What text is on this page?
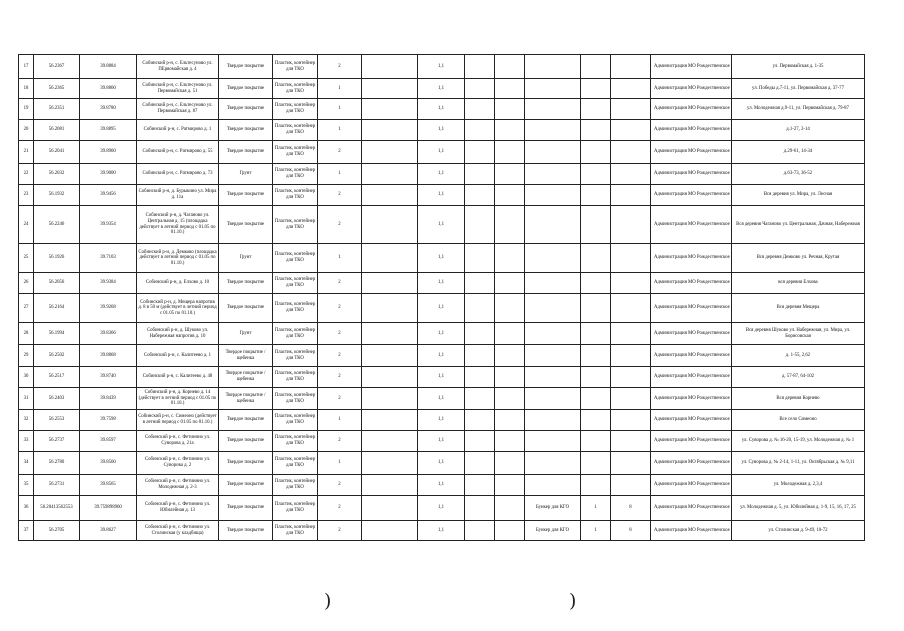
17	56.2367	39.8884	Собинский р-н, с. Ельтесуново ул. ПЕрвомайская д. 4	Твердое покрытие	Пластик, контейнер для ТКО	2		1,1						Администрация МО Рождественское	ул. Первомайская д. 1-35
18	56.2365	39.8860	Собинский р-н, с. Ельтесуново ул. Первомайская д. 51	Твердое покрытие	Пластик, контейнер для ТКО	1		1,1						Администрация МО Рождественское	ул. Победы д.7-11, ул. Первомайская д. 37-77
19	56.2351	39.8780	Собинский р-н, с. Ельтесуново ул. Первомайская д. 87	Твердое покрытие	Пластик, контейнер для ТКО	1		1,1						Администрация МО Рождественское	ул. Молодежная д.9-11, ул. Первомайская д. 79-87
20	56.2081	39.8895	Собинский р-н, с. Ратмирово д. 1	Твердое покрытие	Пластик, контейнер для ТКО	1		1,1						Администрация МО Рождественское	д.1-27, 2-14
21	56.2041	39.8960	Собинский р-н, с. Ратмирово д. 55	Твердое покрытие	Пластик, контейнер для ТКО	2		1,1						Администрация МО Рождественское	д.29-61, 14-34
22	56.2032	39.9000	Собинский р-н, с. Ратмирово д. 73	Грунт	Пластик, контейнер для ТКО	1		1,1						Администрация МО Рождественское	д.63-73, 36-52
23	56.1932	39.9456	Собинский р-н, д. Бурыкино ул. Мира д. 11а	Твердое покрытие	Пластик, контейнер для ТКО	2		1,1						Администрация МО Рождественское	Вся деревня ул. Мира, ул. Лесная
24	56.2246	39.9354	Собинский р-н, д. Чаганово ул. Центральная д. 15 (площадка действует в летний период с 01.05 по 01.10.)	Твердое покрытие	Пластик, контейнер для ТКО	2		1,1						Администрация МО Рождественское	Вся деревня Чаганово ул. Центральная, Дачная, Набережная
25	56.1926	39.7103	Собинский р-н, д. Демково (площадка действует в летний период с 01.05 по 01.10.)	Грунт	Пластик, контейнер для ТКО	1		1,1						Администрация МО Рождественское	Вся деревня Демково ул. Речная, Крутая
26	56.2056	39.9384	Собинский р-н, д. Елхово д. 10	Твердое покрытие	Пластик, контейнер для ТКО	2		1,1						Администрация МО Рождественское	вся деревня Елхова
27	56.2164	39.9268	Собинский р-н, д. Мещера напротив д. 8 в 50 м (действует в летний период с 01.05 по 01.10.)	Твердое покрытие	Пластик, контейнер для ТКО	2		1,1						Администрация МО Рождественское	Вся деревня Мещера
28	56.1994	39.8366	Собинский р-н, д. Шуково ул. Набережная напротив д. 10	Грунт	Пластик, контейнер для ТКО	2		1,1						Администрация МО Рождественское	Вся деревня Шуково ул. Набережная, ул. Мира, ул. Борисовская
29	56.2502	39.8868	Собинский р-н, с. Калитеево д. 1	Твердое покрытие / щебенка	Пластик, контейнер для ТКО	2		1,1						Администрация МО Рождественское	д. 1-55, 2,62
30	56.2517	39.8740	Собинский р-н, с. Калитеево д. 48	Твердое покрытие / щебенка	Пластик, контейнер для ТКО	2		1,1						Администрация МО Рождественское	д. 57-87, 64-102
31	56.2403	39.8439	Собинский р-н, д. Корнево д. 14 (действует в летний период с 01.05 по 01.10.)	Твердое покрытие / щебенка	Пластик, контейнер для ТКО	2		1,1						Администрация МО Рождественское	Вся деревня Корнево
32	56.2553	39.7598	Собинский р-н, с. Симеоно (действует в летний период с 01.05 по 01.10.)	Твердое покрытие	Пластик, контейнер для ТКО	1		1,1						Администрация МО Рождественское	Все село Симеоно
33	56.2737	39.8597	Собинский р-н, с. Фетинино ул. Суворова д. 21а	Твердое покрытие	Пластик, контейнер для ТКО	2		1,1						Администрация МО Рождественское	ул. Суворова д. № 16-20, 15-19, ул. Молодежная д. № 1
34	56.2780	39.8560	Собинский р-н, с. Фетинино ул. Суворова д. 2	Твердое покрытие	Пластик, контейнер для ТКО	1		1,1						Администрация МО Рождественское	ул. Суворова д. № 2-14, 1-11, ул. Октябрьская д. № 9,11
35	56.2731	39.8565	Собинский р-н, с. Фетинино ул. Молодежная д. 2-3	Твердое покрытие	Пластик, контейнер для ТКО	2		1,1						Администрация МО Рождественское	ул. Молодежная д. 2,3,4
36	56.20413562553	39.759898960	Собинский р-н, с. Фетинино ул. Юбилейная д. 13	Твердое покрытие	Пластик, контейнер для ТКО	2		1,1			Бункер для КГО	1	8	Администрация МО Рождественское	ул. Молодежная д. 5, ул. Юбилейная д. 1-9, 15, 16, 17, 25
37	56.2705	39.8627	Собинский р-н, с. Фетинино ул. Столинская (у кладбища)	Твердое покрытие	Пластик, контейнер для ТКО	2		1,1			Бункер для КГО	1	8	Администрация МО Рождественское	ул. Столинская д. 9-49, 10-72
)	)
